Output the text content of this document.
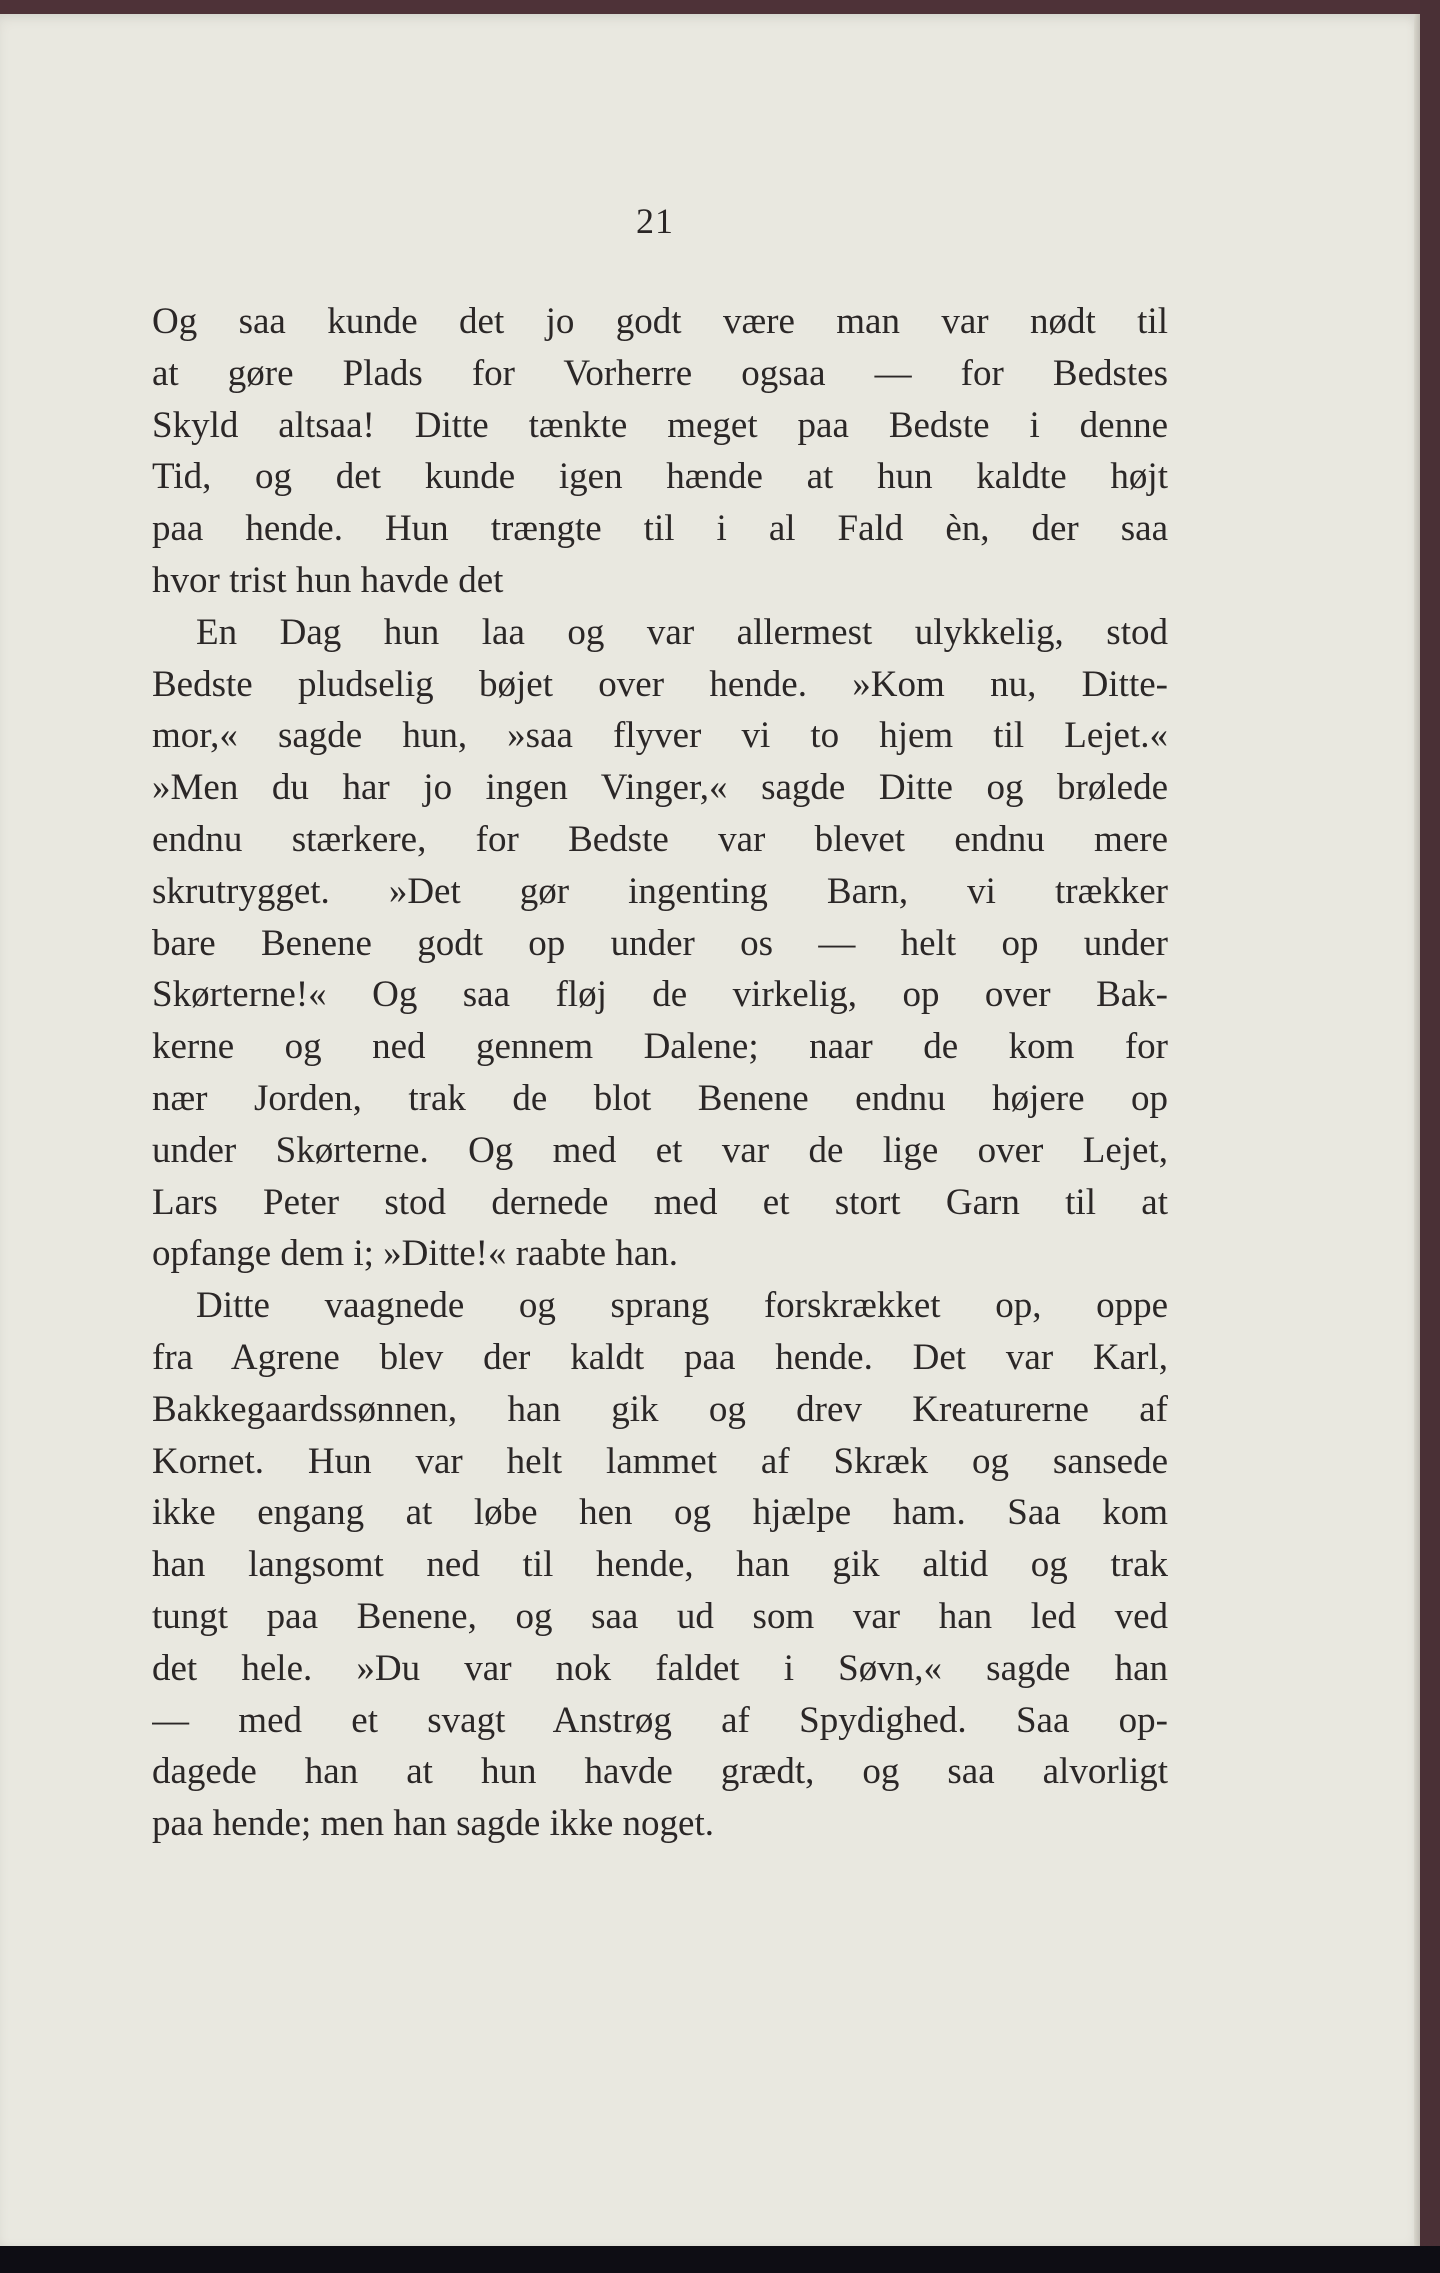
21
Og saa kunde det jo godt være man var nødt til
at gøre Plads for Vorherre ogsaa — for Bedstes
Skyld altsaa! Ditte tænkte meget paa Bedste i denne
Tid, og det kunde igen hænde at hun kaldte højt
paa hende. Hun trængte til i al Fald èn, der saa
hvor trist hun havde det
En Dag hun laa og var allermest ulykkelig, stod
Bedste pludselig bøjet over hende. »Kom nu, Ditte-
mor,« sagde hun, »saa flyver vi to hjem til Lejet.«
»Men du har jo ingen Vinger,« sagde Ditte og brølede
endnu stærkere, for Bedste var blevet endnu mere
skrutrygget. »Det gør ingenting Barn, vi trækker
bare Benene godt op under os — helt op under
Skørterne!« Og saa fløj de virkelig, op over Bak-
kerne og ned gennem Dalene; naar de kom for
nær Jorden, trak de blot Benene endnu højere op
under Skørterne. Og med et var de lige over Lejet,
Lars Peter stod dernede med et stort Garn til at
opfange dem i; »Ditte!« raabte han.
Ditte vaagnede og sprang forskrækket op, oppe
fra Agrene blev der kaldt paa hende. Det var Karl,
Bakkegaardssønnen, han gik og drev Kreaturerne af
Kornet. Hun var helt lammet af Skræk og sansede
ikke engang at løbe hen og hjælpe ham. Saa kom
han langsomt ned til hende, han gik altid og trak
tungt paa Benene, og saa ud som var han led ved
det hele. »Du var nok faldet i Søvn,« sagde han
— med et svagt Anstrøg af Spydighed. Saa op-
dagede han at hun havde grædt, og saa alvorligt
paa hende; men han sagde ikke noget.
